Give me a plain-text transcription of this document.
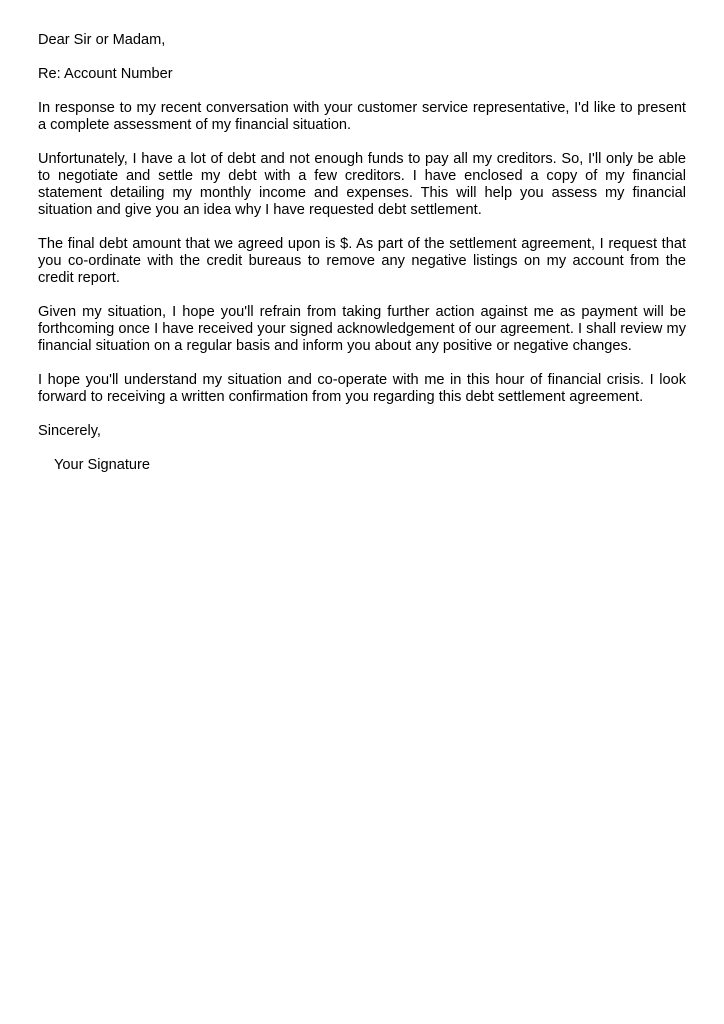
Dear Sir or Madam,

Re: Account Number

In response to my recent conversation with your customer service representative, I'd like to present a complete assessment of my financial situation.

Unfortunately, I have a lot of debt and not enough funds to pay all my creditors. So, I'll only be able to negotiate and settle my debt with a few creditors. I have enclosed a copy of my financial statement detailing my monthly income and expenses. This will help you assess my financial situation and give you an idea why I have requested debt settlement.

The final debt amount that we agreed upon is $. As part of the settlement agreement, I request that you co-ordinate with the credit bureaus to remove any negative listings on my account from the credit report.

Given my situation, I hope you'll refrain from taking further action against me as payment will be forthcoming once I have received your signed acknowledgement of our agreement. I shall review my financial situation on a regular basis and inform you about any positive or negative changes.

I hope you'll understand my situation and co-operate with me in this hour of financial crisis. I look forward to receiving a written confirmation from you regarding this debt settlement agreement.

Sincerely,

Your Signature
